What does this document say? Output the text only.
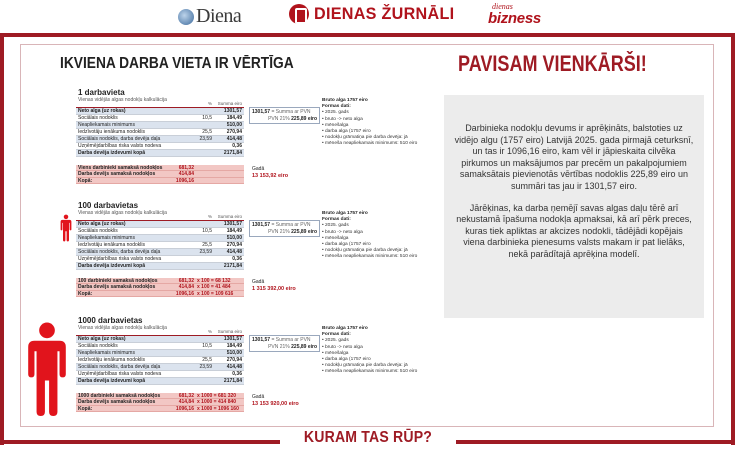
Diena	DIENAS ŽURNĀLI	dienas
bizness
KURAM TAS RŪP?
IKVIENA DARBA VIETA IR VĒRTĪGA	PAVISAM VIENKĀRŠI!

Darbinieka nodokļu devums ir aprēķināts, balstoties uz vidējo algu (1757 eiro) Latvijā 2025. gada pirmajā ceturksnī, un tas ir 1096,16 eiro, kam vēl ir jāpieskaita cilvēka pirkumos un maksājumos par precēm un pakalpojumiem samaksātais pievienotās vērtības nodoklis 225,89 eiro un summāri tas jau ir 1301,57 eiro.

Jārēķinas, ka darba ņemējī savas algas daļu tērē arī nekustamā īpašuma nodokļa apmaksai, kā arī pērk preces, kuras tiek apliktas ar akcizes nodokli, tādējādi kopējais viena darbinieka pienesums valsts makam ir pat lielāks, nekā parādītajā aprēķina modelī.

1 darbavieta
Vienas vidējās algas nodokļu kalkulācija
	%	Summa eiro
Neto alga (uz rokas)		1301,57
Sociālais nodoklis	10,5	184,49
Neapliekamais minimums		510,00
Iedzīvotāju ienākuma nodoklis	25,5	270,94
Sociālais nodoklis, darba devēja daļa	23,59	414,48
Uzņēmējdarbības riska valsts nodeva		0,36
Darba devēja izdevumi kopā		2171,84
1301,57 = Summa ar PVN
PVN 21% 225,89 eiro
Bruto alga 1757 eiro
Formas dati:
• 2025. gads
• bruto -> neto alga
• mēnešalga
• darba alga (1757 eiro
• nodokļu grāmatiņa pie darba devēja: jā
• mēneša neapliekamais minimums: 510 eiro
Viens darbinieki samaksā nodokļos	681,32
Darba devējs samaksā nodokļos	414,84
Kopā:	1096,16
Gadā
13 153,92 eiro
100 darbavietas
Vienas vidējās algas nodokļu kalkulācija
	%	Summa eiro
Neto alga (uz rokas)		1301,57
Sociālais nodoklis	10,5	184,49
Neapliekamais minimums		510,00
Iedzīvotāju ienākuma nodoklis	25,5	270,94
Sociālais nodoklis, darba devēja daļa	23,59	414,48
Uzņēmējdarbības riska valsts nodeva		0,36
Darba devēja izdevumi kopā		2171,84
1301,57 = Summa ar PVN
PVN 21% 225,89 eiro
Bruto alga 1757 eiro
Formas dati:
• 2025. gads
• bruto -> neto alga
• mēnešalga
• darba alga (1757 eiro
• nodokļu grāmatiņa pie darba devēja: jā
• mēneša neapliekamais minimums: 510 eiro
100 darbinieki samaksā nodokļos	681,32 x 100 = 68 132
Darba devējs samaksā nodokļos	414,84 x 100 = 41 484
Kopā:	1096,16 x 100 = 109 616
Gadā
1 315 392,00 eiro
1000 darbavietas
Vienas vidējās algas nodokļu kalkulācija
	%	Summa eiro
Neto alga (uz rokas)		1301,57
Sociālais nodoklis	10,5	184,49
Neapliekamais minimums		510,00
Iedzīvotāju ienākuma nodoklis	25,5	270,94
Sociālais nodoklis, darba devēja daļa	23,59	414,48
Uzņēmējdarbības riska valsts nodeva		0,36
Darba devēja izdevumi kopā		2171,84
1301,57 = Summa ar PVN
PVN 21% 225,89 eiro
Bruto alga 1757 eiro
Formas dati:
• 2025. gads
• bruto -> neto alga
• mēnešalga
• darba alga (1757 eiro
• nodokļu grāmatiņa pie darba devēja: jā
• mēneša neapliekamais minimums: 510 eiro
1000 darbinieki samaksā nodokļos	681,32 x 1000 = 681 320
Darba devējs samaksā nodokļos	414,84 x 1000 = 414 840
Kopā:	1096,16 x 1000 = 1096 160
Gadā
13 153 920,00 eiro
